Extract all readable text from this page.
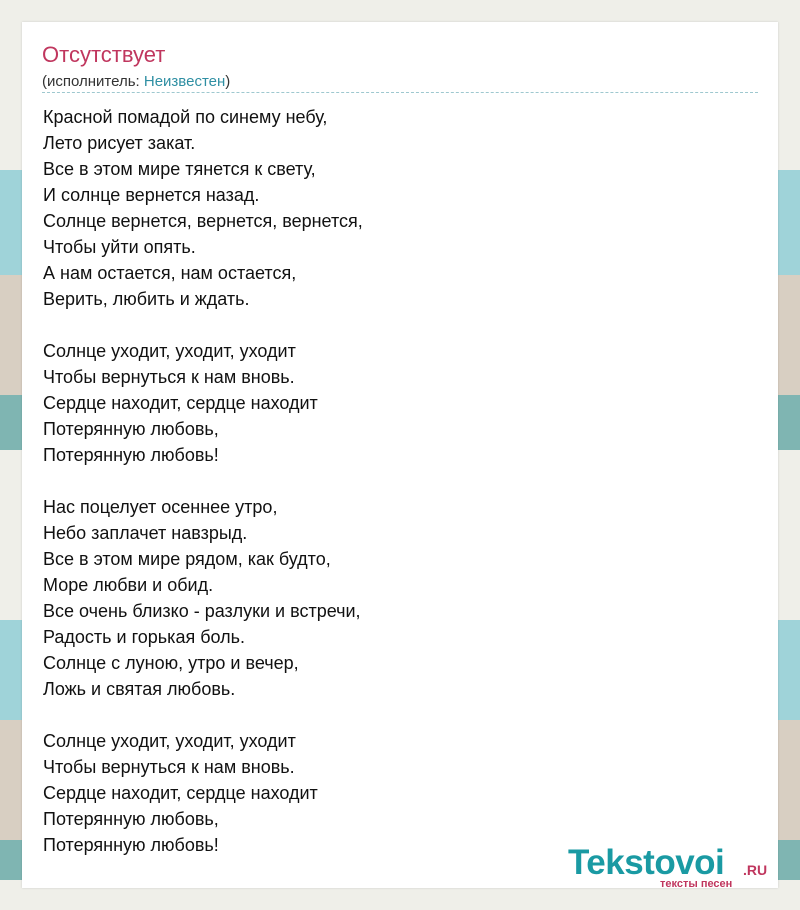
Отсутствует
(исполнитель: Неизвестен)
Красной помадой по синему небу,
Лето рисует закат.
Все в этом мире тянется к свету,
И солнце вернется назад.
Солнце вернется, вернется, вернется,
Чтобы уйти опять.
А нам остается, нам остается,
Верить, любить и ждать.
Солнце уходит, уходит, уходит
Чтобы вернуться к нам вновь.
Сердце находит, сердце находит
Потерянную любовь,
Потерянную любовь!
Нас поцелует осеннее утро,
Небо заплачет навзрыд.
Все в этом мире рядом, как будто,
Море любви и обид.
Все очень близко - разлуки и встречи,
Радость и горькая боль.
Солнце с луною, утро и вечер,
Ложь и святая любовь.
Солнце уходит, уходит, уходит
Чтобы вернуться к нам вновь.
Сердце находит, сердце находит
Потерянную любовь,
Потерянную любовь!	Tekstovoi .RU
тексты песен
